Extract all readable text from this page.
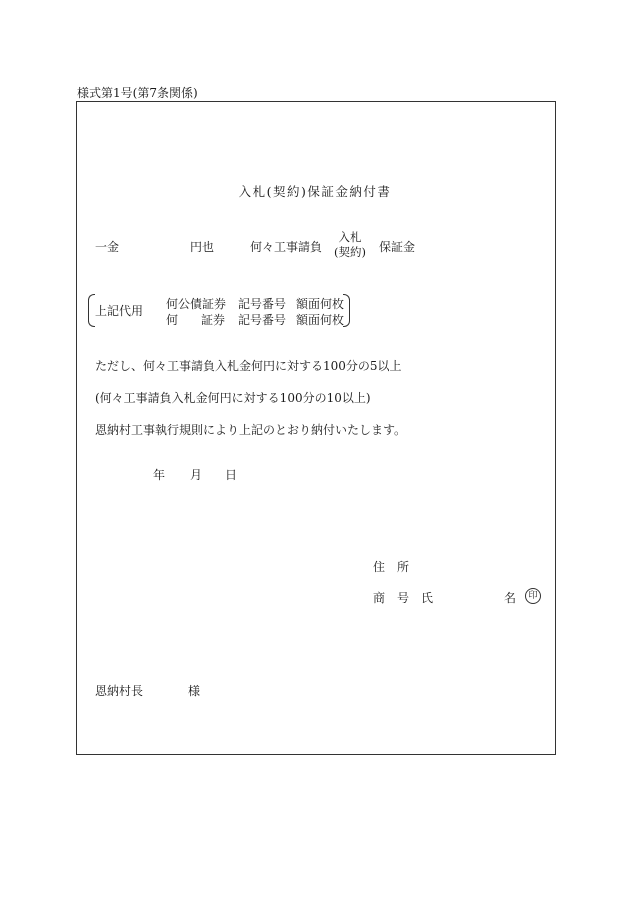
様式第1号(第7条関係)
入札(契約)保証金納付書
一金	円也	何々工事請負
入札
(契約) 保証金
上記代用 何公債証券 記号番号 額面何枚
何 証券 記号番号 額面何枚
ただし、何々工事請負入札金何円に対する100分の5以上
(何々工事請負入札金何円に対する100分の10以上)
恩納村工事執行規則により上記のとおり納付いたします。
年 月 日
住 所
商 号 氏	名	印
恩納村長	様
